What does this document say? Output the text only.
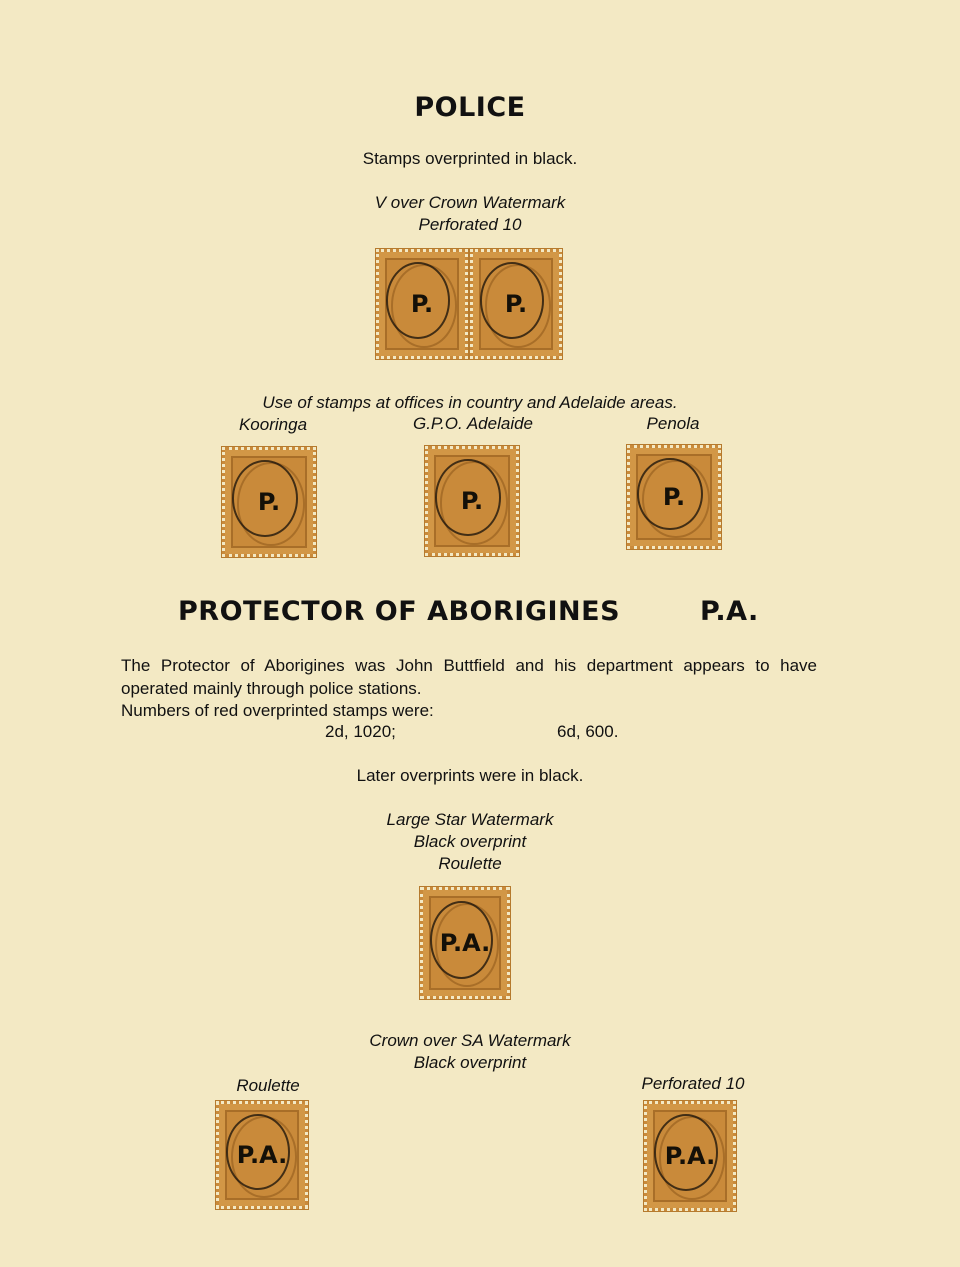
POLICE
Stamps overprinted in black.
V over Crown Watermark
Perforated 10
P.	P.
Use of stamps at offices in country and Adelaide areas.
Kooringa	G.P.O. Adelaide	Penola
P.	P.	P.
PROTECTOR OF ABORIGINES	P.A.
The Protector of Aborigines was John Buttfield and his department appears to have operated mainly through police stations.
Numbers of red overprinted stamps were:
2d, 1020;	6d, 600.
Later overprints were in black.
Large Star Watermark
Black overprint
Roulette
P.A.
Crown over SA Watermark
Black overprint
Roulette	Perforated 10
P.A.	P.A.
